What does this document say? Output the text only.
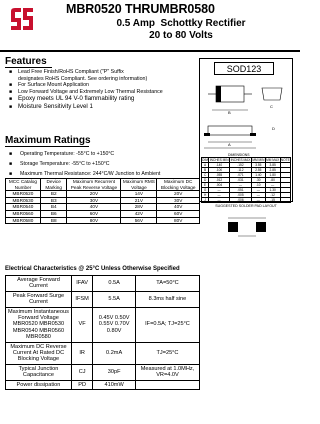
MBR0520 THRUMBR0580
0.5 Amp Schottky Rectifier
20 to 80 Volts
Features
■ Lead Free Finish/RoHS Compliant ("P" Suffix
designates RoHS Compliant. See ordering information)
■ For Surface Mount Application
■ Low Forward Voltage and Extremely Low Thermal Resistance
■ Epoxy meets UL 94 V-0 flammability rating
■ Moisture Sensitivity Level 1
Maximum Ratings
■ Operating Temperature: -55°C to +150°C
■ Storage Temperature: -55°C to +150°C
■ Maximum Thermal Resistance: 244°C/W Junction to Ambient
MCC Catalog Number	Device Marking	Maximum Recurrent Peak Reverse Voltage	Maximum RMS Voltage	Maximum DC Blocking Voltage
MBR0520	B2	20V	14V	20V
MBR0530	B3	30V	21V	30V
MBR0540	B4	40V	28V	40V
MBR0560	B6	60V	42V	60V
MBR0580	B8	80V	56V	80V
Electrical Characteristics @ 25°C Unless Otherwise Specified
Average Forward Current	IFAV	0.5A	TA=50°C
Peak Forward Surge Current	IFSM	5.5A	8.3ms half sine
Maximum Instantaneous Forward Voltage MBR0520 MBR0530 MBR0540 MBR0560 MBR0580	VF	0.45V 0.50V 0.55V 0.70V 0.80V	IF=0.5A; TJ=25°C
Maximum DC Reverse Current At Rated DC Blocking Voltage	IR	0.2mA	TJ=25°C
Typical Junction Capacitance	CJ	30pF	Measured at 1.0MHz, VR=4.0V
Power dissipation	PD	410mW	
SOD123
B
A
C
D
DIMENSIONS
DIM	INCHES MIN	INCHES MAX	MM MIN	MM MAX	NOTE
A	.140	.152	3.55	3.85	
B	.100	.112	2.55	2.85	
C	.055	.071	1.40	1.80	
D	.012	.031	.30	.80	
E	.004	—	.10	—	
G	—	.051	—	1.30	
H	—	.005	—	.12	
J	—	.006	—	.15	
SUGGESTED SOLDER PAD LAYOUT
